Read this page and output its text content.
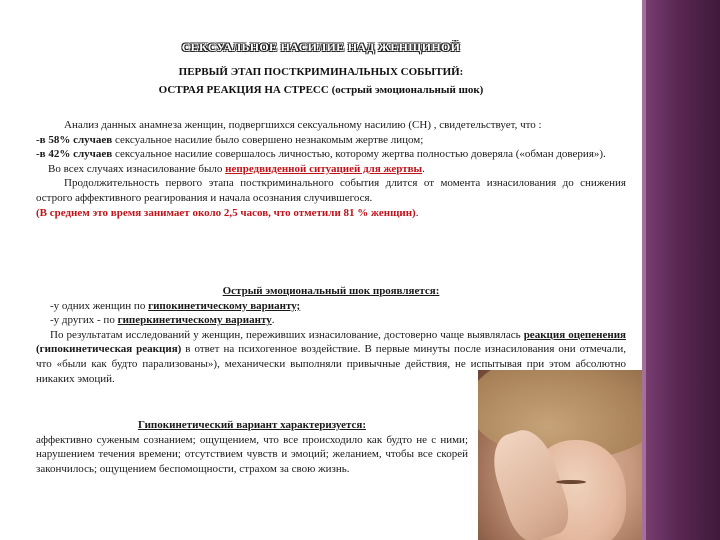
СЕКСУАЛЬНОЕ НАСИЛИЕ НАД ЖЕНЩИНОЙ
ПЕРВЫЙ ЭТАП ПОСТКРИМИНАЛЬНЫХ СОБЫТИЙ:
ОСТРАЯ РЕАКЦИЯ НА СТРЕСС (острый эмоциональный шок)
Анализ данных анамнеза женщин, подвергшихся сексуальному насилию (СН) , свидетельствует, что :
-в 58% случаев сексуальное насилие было совершено незнакомым жертве лицом;
-в 42% случаев сексуальное насилие совершалось личностью, которому жертва полностью доверяла («обман доверия»).
Во всех случаях изнасилование было непредвиденной ситуацией для жертвы.
Продолжительность первого этапа посткриминального события длится от момента изнасилования до снижения острого аффективного реагирования и начала осознания случившегося.
(В среднем это время занимает около 2,5 часов, что отметили 81 % женщин).
Острый эмоциональный шок проявляется:
-у одних женщин по гипокинетическому варианту;
-у других - по гиперкинетическому варианту.
По результатам исследований у женщин, переживших изнасилование, достоверно чаще выявлялась реакция оцепенения (гипокинетическая реакция) в ответ на психогенное воздействие. В первые минуты после изнасилования они отмечали, что «были как будто парализованы»), механически выполняли привычные действия, не испытывая при этом абсолютно никаких эмоций.
Гипокинетический вариант характеризуется:
аффективно суженым сознанием; ощущением, что все происходило как будто не с ними; нарушением течения времени; отсутствием чувств и эмоций; желанием, чтобы все скорей закончилось; ощущением беспомощности, страхом за свою жизнь.
